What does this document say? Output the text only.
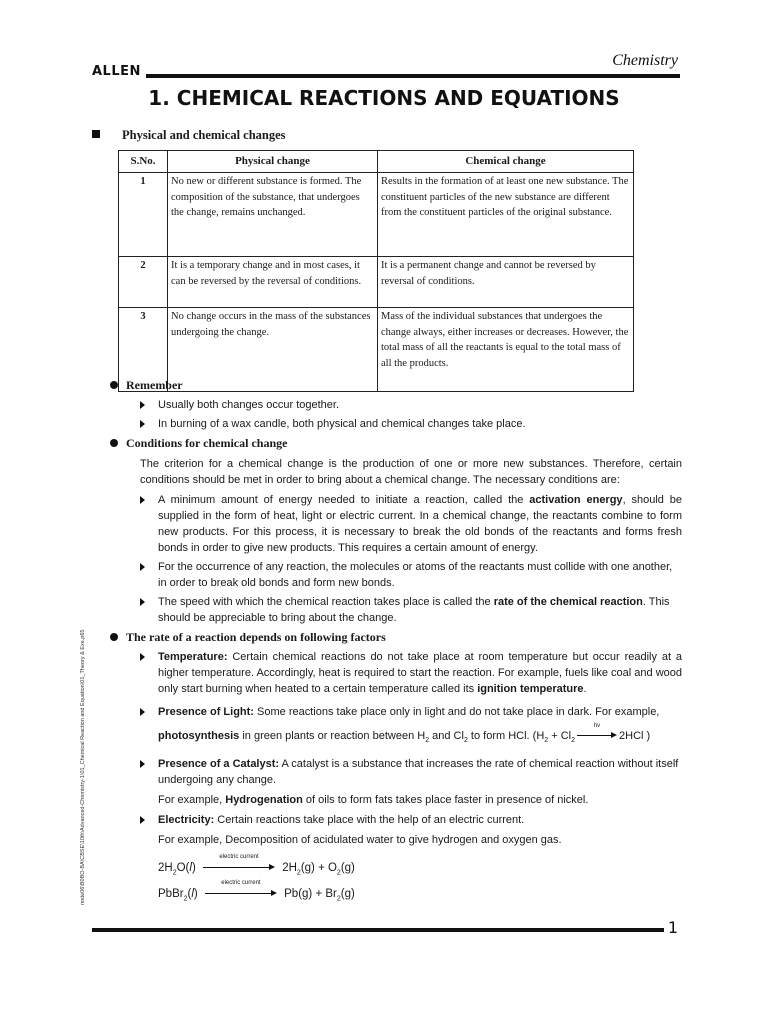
ALLEN
Chemistry
1. CHEMICAL REACTIONS AND EQUATIONS
Physical and chemical changes
S.No.	Physical change	Chemical change
1	No new or different substance is formed. The composition of the substance, that undergoes the change, remains unchanged.	Results in the formation of at least one new substance. The constituent particles of the new substance are different from the constituent particles of the original substance.
2	It is a temporary change and in most cases, it can be reversed by the reversal of conditions.	It is a permanent change and cannot be reversed by reversal of conditions.
3	No change occurs in the mass of the substances undergoing the change.	Mass of the individual substances that undergoes the change always, either increases or decreases. However, the total mass of all the reactants is equal to the total mass of all the products.
Remember
Usually both changes occur together.
In burning of a wax candle, both physical and chemical changes take place.
Conditions for chemical change
The criterion for a chemical change is the production of one or more new substances. Therefore, certain conditions should be met in order to bring about a chemical change. The necessary conditions are:
A minimum amount of energy needed to initiate a reaction, called the activation energy, should be supplied in the form of heat, light or electric current. In a chemical change, the reactants combine to form new products. For this process, it is necessary to break the old bonds of the reactants and forms fresh bonds in order to give new products. This requires a certain amount of energy.
For the occurrence of any reaction, the molecules or atoms of the reactants must collide with one another, in order to break old bonds and form new bonds.
The speed with which the chemical reaction takes place is called the rate of the chemical reaction. This should be appreciable to bring about the change.
The rate of a reaction depends on following factors
Temperature: Certain chemical reactions do not take place at room temperature but occur readily at a higher temperature. Accordingly, heat is required to start the reaction. For example, fuels like coal and wood only start burning when heated to a certain temperature called its ignition temperature.
Presence of Light: Some reactions take place only in light and do not take place in dark. For example,
photosynthesis in green plants or reaction between $H_2$ and $Cl_2$ to form HCl. ($H_2 + Cl_2$
hv
2HCl )
Presence of a Catalyst: A catalyst is a substance that increases the rate of chemical reaction without itself undergoing any change.
For example, Hydrogenation of oils to form fats takes place faster in presence of nickel.
Electricity: Certain reactions take place with the help of an electric current.
For example, Decomposition of acidulated water to give hydrogen and oxygen gas.
$2H_2O(l)$
electric current
$2H_2(g) + O_2(g)$
PbBr$_2$(l)
electric current
$Pb(g) + Br_2(g)$
node06\B0BO-BA\CBSE\10th\Advanced-Chemistry-1\01_Chemical Reaction and Equation\01_Theory & Exe.p65
1
